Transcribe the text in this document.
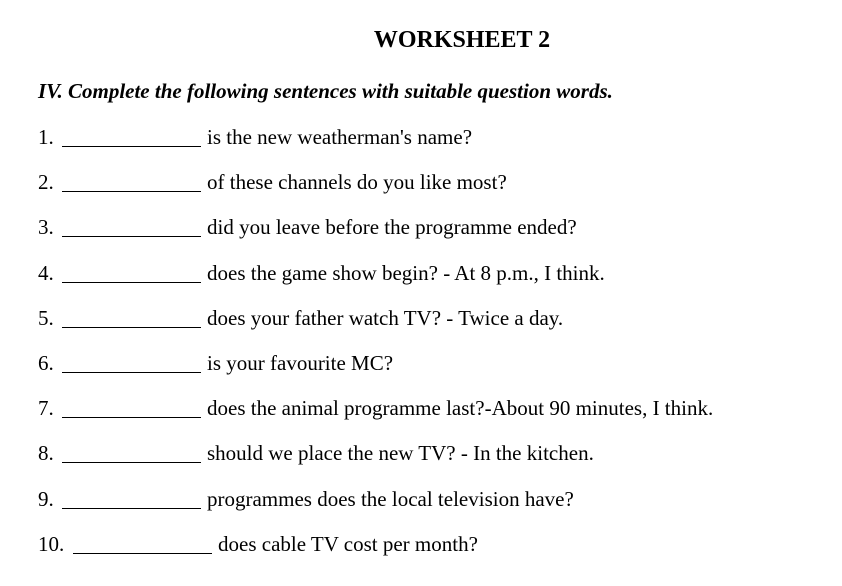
WORKSHEET 2
IV. Complete the following sentences with suitable question words.
1.	is the new weatherman's name?
2.	of these channels do you like most?
3.	did you leave before the programme ended?
4.	does the game show begin? - At 8 p.m., I think.
5.	does your father watch TV? - Twice a day.
6.	is your favourite MC?
7.	does the animal programme last?-About 90 minutes, I think.
8.	should we place the new TV? - In the kitchen.
9.	programmes does the local television have?
10.	does cable TV cost per month?
